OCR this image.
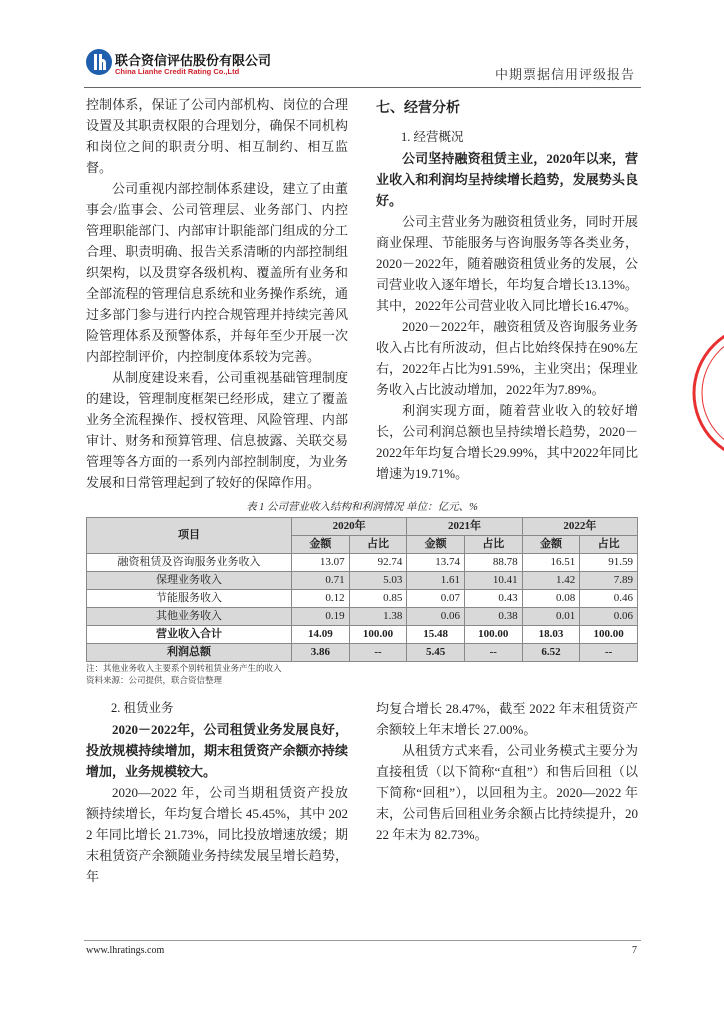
联合资信评估股份有限公司
China Lianhe Credit Rating Co.,Ltd	中期票据信用评级报告

控制体系，保证了公司内部机构、岗位的合理设置及其职责权限的合理划分，确保不同机构和岗位之间的职责分明、相互制约、相互监督。

公司重视内部控制体系建设，建立了由董事会/监事会、公司管理层、业务部门、内控管理职能部门、内部审计职能部门组成的分工合理、职责明确、报告关系清晰的内部控制组织架构，以及贯穿各级机构、覆盖所有业务和全部流程的管理信息系统和业务操作系统，通过多部门参与进行内控合规管理并持续完善风险管理体系及预警体系，并每年至少开展一次内部控制评价，内控制度体系较为完善。

从制度建设来看，公司重视基础管理制度的建设，管理制度框架已经形成，建立了覆盖业务全流程操作、授权管理、风险管理、内部审计、财务和预算管理、信息披露、关联交易管理等各方面的一系列内部控制制度，为业务发展和日常管理起到了较好的保障作用。

七、经营分析

1. 经营概况

公司坚持融资租赁主业，2020年以来，营业收入和利润均呈持续增长趋势，发展势头良好。

公司主营业务为融资租赁业务，同时开展商业保理、节能服务与咨询服务等各类业务，2020－2022年，随着融资租赁业务的发展，公司营业收入逐年增长，年均复合增长13.13%。其中，2022年公司营业收入同比增长16.47%。

2020－2022年，融资租赁及咨询服务业务收入占比有所波动，但占比始终保持在90%左右，2022年占比为91.59%，主业突出；保理业务收入占比波动增加，2022年为7.89%。

利润实现方面，随着营业收入的较好增长，公司利润总额也呈持续增长趋势，2020－2022年年均复合增长29.99%，其中2022年同比增速为19.71%。

表 1 公司营业收入结构和利润情况 单位：亿元、%
项目	2020年		2021年		2022年	
	金额	占比	金额	占比	金额	占比
融资租赁及咨询服务业务收入	13.07	92.74	13.74	88.78	16.51	91.59
保理业务收入	0.71	5.03	1.61	10.41	1.42	7.89
节能服务收入	0.12	0.85	0.07	0.43	0.08	0.46
其他业务收入	0.19	1.38	0.06	0.38	0.01	0.06
营业收入合计	14.09	100.00	15.48	100.00	18.03	100.00
利润总额	3.86	--	5.45	--	6.52	--
注：其他业务收入主要系个别转租赁业务产生的收入
资料来源：公司提供，联合资信整理

2. 租赁业务

2020－2022年，公司租赁业务发展良好，投放规模持续增加，期末租赁资产余额亦持续增加，业务规模较大。

2020—2022 年，公司当期租赁资产投放额持续增长，年均复合增长 45.45%，其中 2022 年同比增长 21.73%，同比投放增速放缓；期末租赁资产余额随业务持续发展呈增长趋势，年

均复合增长 28.47%，截至 2022 年末租赁资产余额较上年末增长 27.00%。

从租赁方式来看，公司业务模式主要分为直接租赁（以下简称“直租”）和售后回租（以下简称“回租”），以回租为主。2020—2022 年末，公司售后回租业务余额占比持续提升，2022 年末为 82.73%。

www.lhratings.com	7
